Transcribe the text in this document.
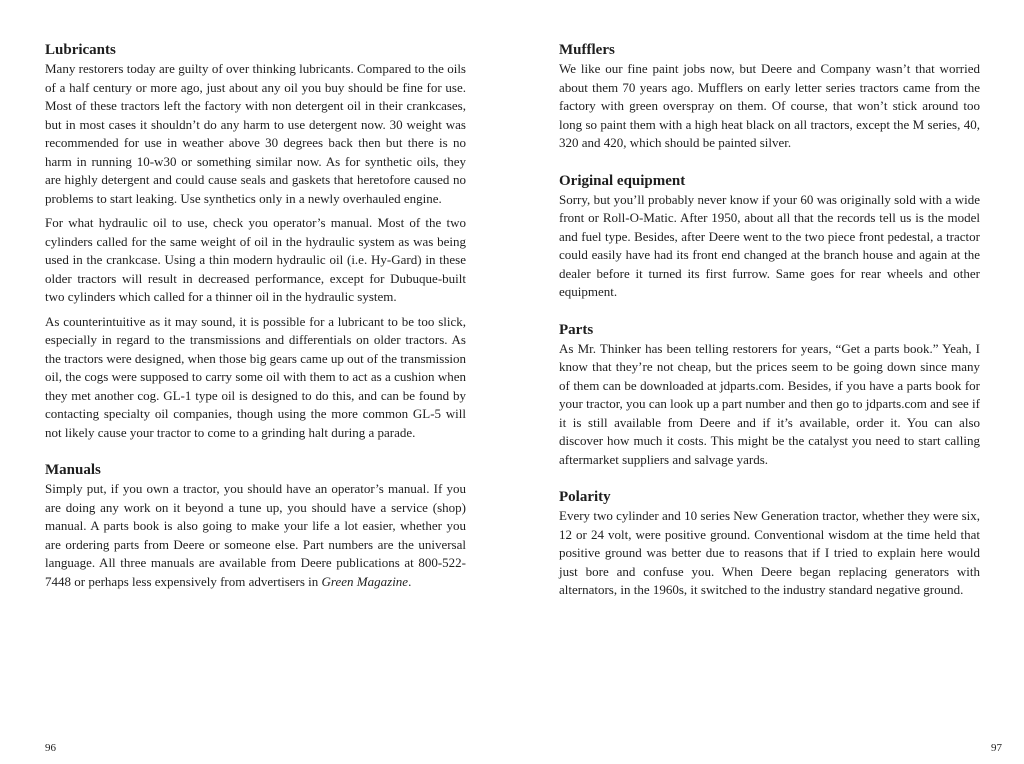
Lubricants

Many restorers today are guilty of over thinking lubricants. Compared to the oils of a half century or more ago, just about any oil you buy should be fine for use. Most of these tractors left the factory with non detergent oil in their crankcases, but in most cases it shouldn’t do any harm to use detergent now. 30 weight was recommended for use in weather above 30 degrees back then but there is no harm in running 10-w30 or something similar now. As for synthetic oils, they are highly detergent and could cause seals and gaskets that heretofore caused no problems to start leaking. Use synthetics only in a newly overhauled engine.

For what hydraulic oil to use, check you operator’s manual. Most of the two cylinders called for the same weight of oil in the hydraulic system as was being used in the crankcase. Using a thin modern hydraulic oil (i.e. Hy-Gard) in these older tractors will result in decreased performance, except for Dubuque-built two cylinders which called for a thinner oil in the hydraulic system.

As counterintuitive as it may sound, it is possible for a lubricant to be too slick, especially in regard to the transmissions and differentials on older tractors. As the tractors were designed, when those big gears came up out of the transmission oil, the cogs were supposed to carry some oil with them to act as a cushion when they met another cog. GL-1 type oil is designed to do this, and can be found by contacting specialty oil companies, though using the more common GL-5 will not likely cause your tractor to come to a grinding halt during a parade.

Manuals

Simply put, if you own a tractor, you should have an operator’s manual. If you are doing any work on it beyond a tune up, you should have a service (shop) manual. A parts book is also going to make your life a lot easier, whether you are ordering parts from Deere or someone else. Part numbers are the universal language. All three manuals are available from Deere publications at 800-522-7448 or perhaps less expensively from advertisers in Green Magazine.

96
Mufflers

We like our fine paint jobs now, but Deere and Company wasn’t that worried about them 70 years ago. Mufflers on early letter series tractors came from the factory with green overspray on them. Of course, that won’t stick around too long so paint them with a high heat black on all tractors, except the M series, 40, 320 and 420, which should be painted silver.

Original equipment

Sorry, but you’ll probably never know if your 60 was originally sold with a wide front or Roll-O-Matic. After 1950, about all that the records tell us is the model and fuel type. Besides, after Deere went to the two piece front pedestal, a tractor could easily have had its front end changed at the branch house and again at the dealer before it turned its first furrow. Same goes for rear wheels and other equipment.

Parts

As Mr. Thinker has been telling restorers for years, “Get a parts book.” Yeah, I know that they’re not cheap, but the prices seem to be going down since many of them can be downloaded at jdparts.com. Besides, if you have a parts book for your tractor, you can look up a part number and then go to jdparts.com and see if it is still available from Deere and if it’s available, order it. You can also discover how much it costs. This might be the catalyst you need to start calling aftermarket suppliers and salvage yards.

Polarity

Every two cylinder and 10 series New Generation tractor, whether they were six, 12 or 24 volt, were positive ground. Conventional wisdom at the time held that positive ground was better due to reasons that if I tried to explain here would just bore and confuse you. When Deere began replacing generators with alternators, in the 1960s, it switched to the industry standard negative ground.

97
